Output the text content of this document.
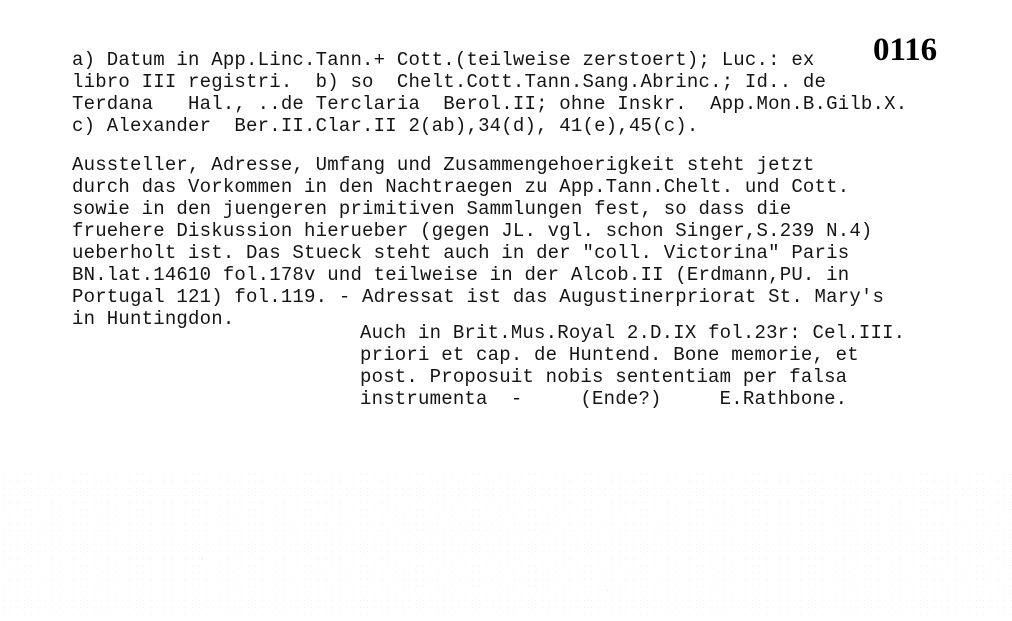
0116
a) Datum in App.Linc.Tann.+ Cott.(teilweise zerstoert); Luc.: ex
libro III registri.  b) so  Chelt.Cott.Tann.Sang.Abrinc.; Id.. de
Terdana   Hal., ..de Terclaria  Berol.II; ohne Inskr.  App.Mon.B.Gilb.X.
c) Alexander  Ber.II.Clar.II 2(ab),34(d), 41(e),45(c).
Aussteller, Adresse, Umfang und Zusammengehoerigkeit steht jetzt
durch das Vorkommen in den Nachtraegen zu App.Tann.Chelt. und Cott.
sowie in den juengeren primitiven Sammlungen fest, so dass die
fruehere Diskussion hierueber (gegen JL. vgl. schon Singer,S.239 N.4)
ueberholt ist. Das Stueck steht auch in der "coll. Victorina" Paris
BN.lat.14610 fol.178v und teilweise in der Alcob.II (Erdmann,PU. in
Portugal 121) fol.119. - Adressat ist das Augustinerpriorat St. Mary's
in Huntingdon.
Auch in Brit.Mus.Royal 2.D.IX fol.23r: Cel.III.
priori et cap. de Huntend. Bone memorie, et
post. Proposuit nobis sententiam per falsa
instrumenta  -     (Ende?)     E.Rathbone.
